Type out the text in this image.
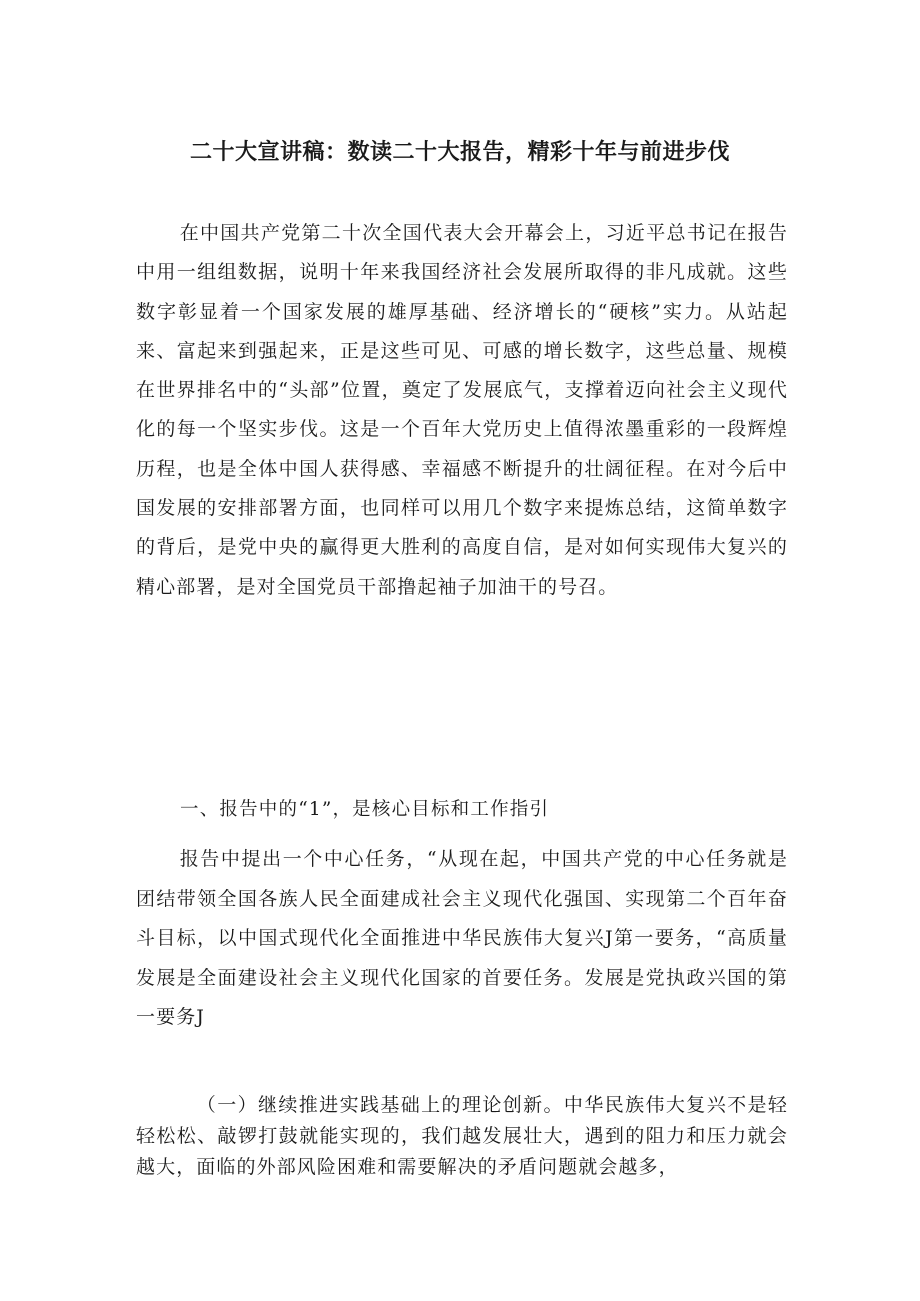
二十大宣讲稿：数读二十大报告，精彩十年与前进步伐

在中国共产党第二十次全国代表大会开幕会上，习近平总书记在报告中用一组组数据，说明十年来我国经济社会发展所取得的非凡成就。这些数字彰显着一个国家发展的雄厚基础、经济增长的“硬核”实力。从站起来、富起来到强起来，正是这些可见、可感的增长数字，这些总量、规模在世界排名中的“头部”位置，奠定了发展底气，支撑着迈向社会主义现代化的每一个坚实步伐。这是一个百年大党历史上值得浓墨重彩的一段辉煌历程，也是全体中国人获得感、幸福感不断提升的壮阔征程。在对今后中国发展的安排部署方面，也同样可以用几个数字来提炼总结，这简单数字的背后，是党中央的赢得更大胜利的高度自信，是对如何实现伟大复兴的精心部署，是对全国党员干部撸起袖子加油干的号召。

一、报告中的“1”，是核心目标和工作指引

报告中提出一个中心任务，“从现在起，中国共产党的中心任务就是团结带领全国各族人民全面建成社会主义现代化强国、实现第二个百年奋斗目标，以中国式现代化全面推进中华民族伟大复兴J第一要务，“高质量发展是全面建设社会主义现代化国家的首要任务。发展是党执政兴国的第一要务J

（一）继续推进实践基础上的理论创新。中华民族伟大复兴不是轻轻松松、敲锣打鼓就能实现的，我们越发展壮大，遇到的阻力和压力就会越大，面临的外部风险困难和需要解决的矛盾问题就会越多，
